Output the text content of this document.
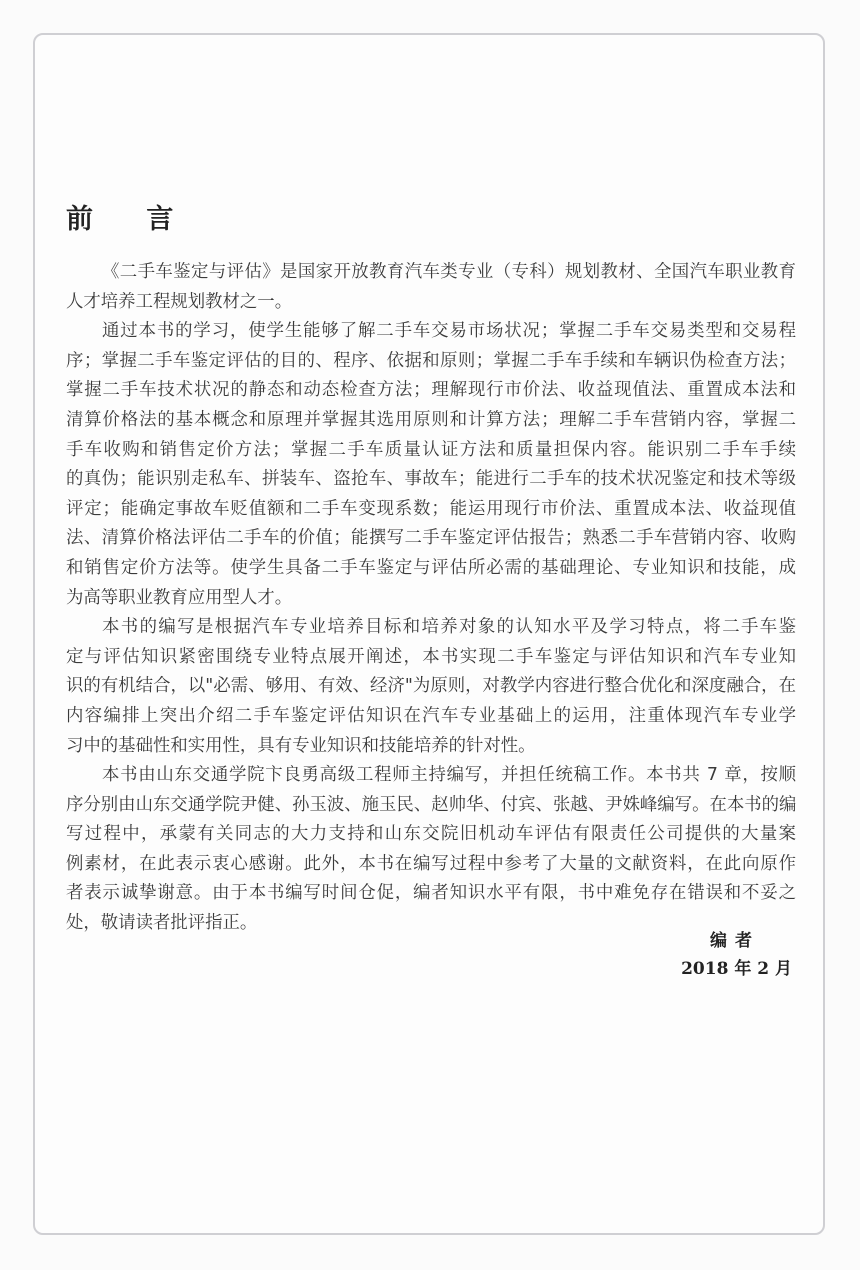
前 言
《二手车鉴定与评估》是国家开放教育汽车类专业（专科）规划教材、全国汽车职业教育
人才培养工程规划教材之一。
通过本书的学习，使学生能够了解二手车交易市场状况；掌握二手车交易类型和交易程
序；掌握二手车鉴定评估的目的、程序、依据和原则；掌握二手车手续和车辆识伪检查方法；
掌握二手车技术状况的静态和动态检查方法；理解现行市价法、收益现值法、重置成本法和
清算价格法的基本概念和原理并掌握其选用原则和计算方法；理解二手车营销内容，掌握二
手车收购和销售定价方法；掌握二手车质量认证方法和质量担保内容。能识别二手车手续
的真伪；能识别走私车、拼装车、盗抢车、事故车；能进行二手车的技术状况鉴定和技术等级
评定；能确定事故车贬值额和二手车变现系数；能运用现行市价法、重置成本法、收益现值
法、清算价格法评估二手车的价值；能撰写二手车鉴定评估报告；熟悉二手车营销内容、收购
和销售定价方法等。使学生具备二手车鉴定与评估所必需的基础理论、专业知识和技能，成
为高等职业教育应用型人才。
本书的编写是根据汽车专业培养目标和培养对象的认知水平及学习特点，将二手车鉴
定与评估知识紧密围绕专业特点展开阐述，本书实现二手车鉴定与评估知识和汽车专业知
识的有机结合，以"必需、够用、有效、经济"为原则，对教学内容进行整合优化和深度融合，在
内容编排上突出介绍二手车鉴定评估知识在汽车专业基础上的运用，注重体现汽车专业学
习中的基础性和实用性，具有专业知识和技能培养的针对性。
本书由山东交通学院卞良勇高级工程师主持编写，并担任统稿工作。本书共 7 章，按顺
序分别由山东交通学院尹健、孙玉波、施玉民、赵帅华、付宾、张越、尹姝峰编写。在本书的编
写过程中，承蒙有关同志的大力支持和山东交院旧机动车评估有限责任公司提供的大量案
例素材，在此表示衷心感谢。此外，本书在编写过程中参考了大量的文献资料，在此向原作
者表示诚挚谢意。由于本书编写时间仓促，编者知识水平有限，书中难免存在错误和不妥之
处，敬请读者批评指正。
编者
2018 年 2 月
